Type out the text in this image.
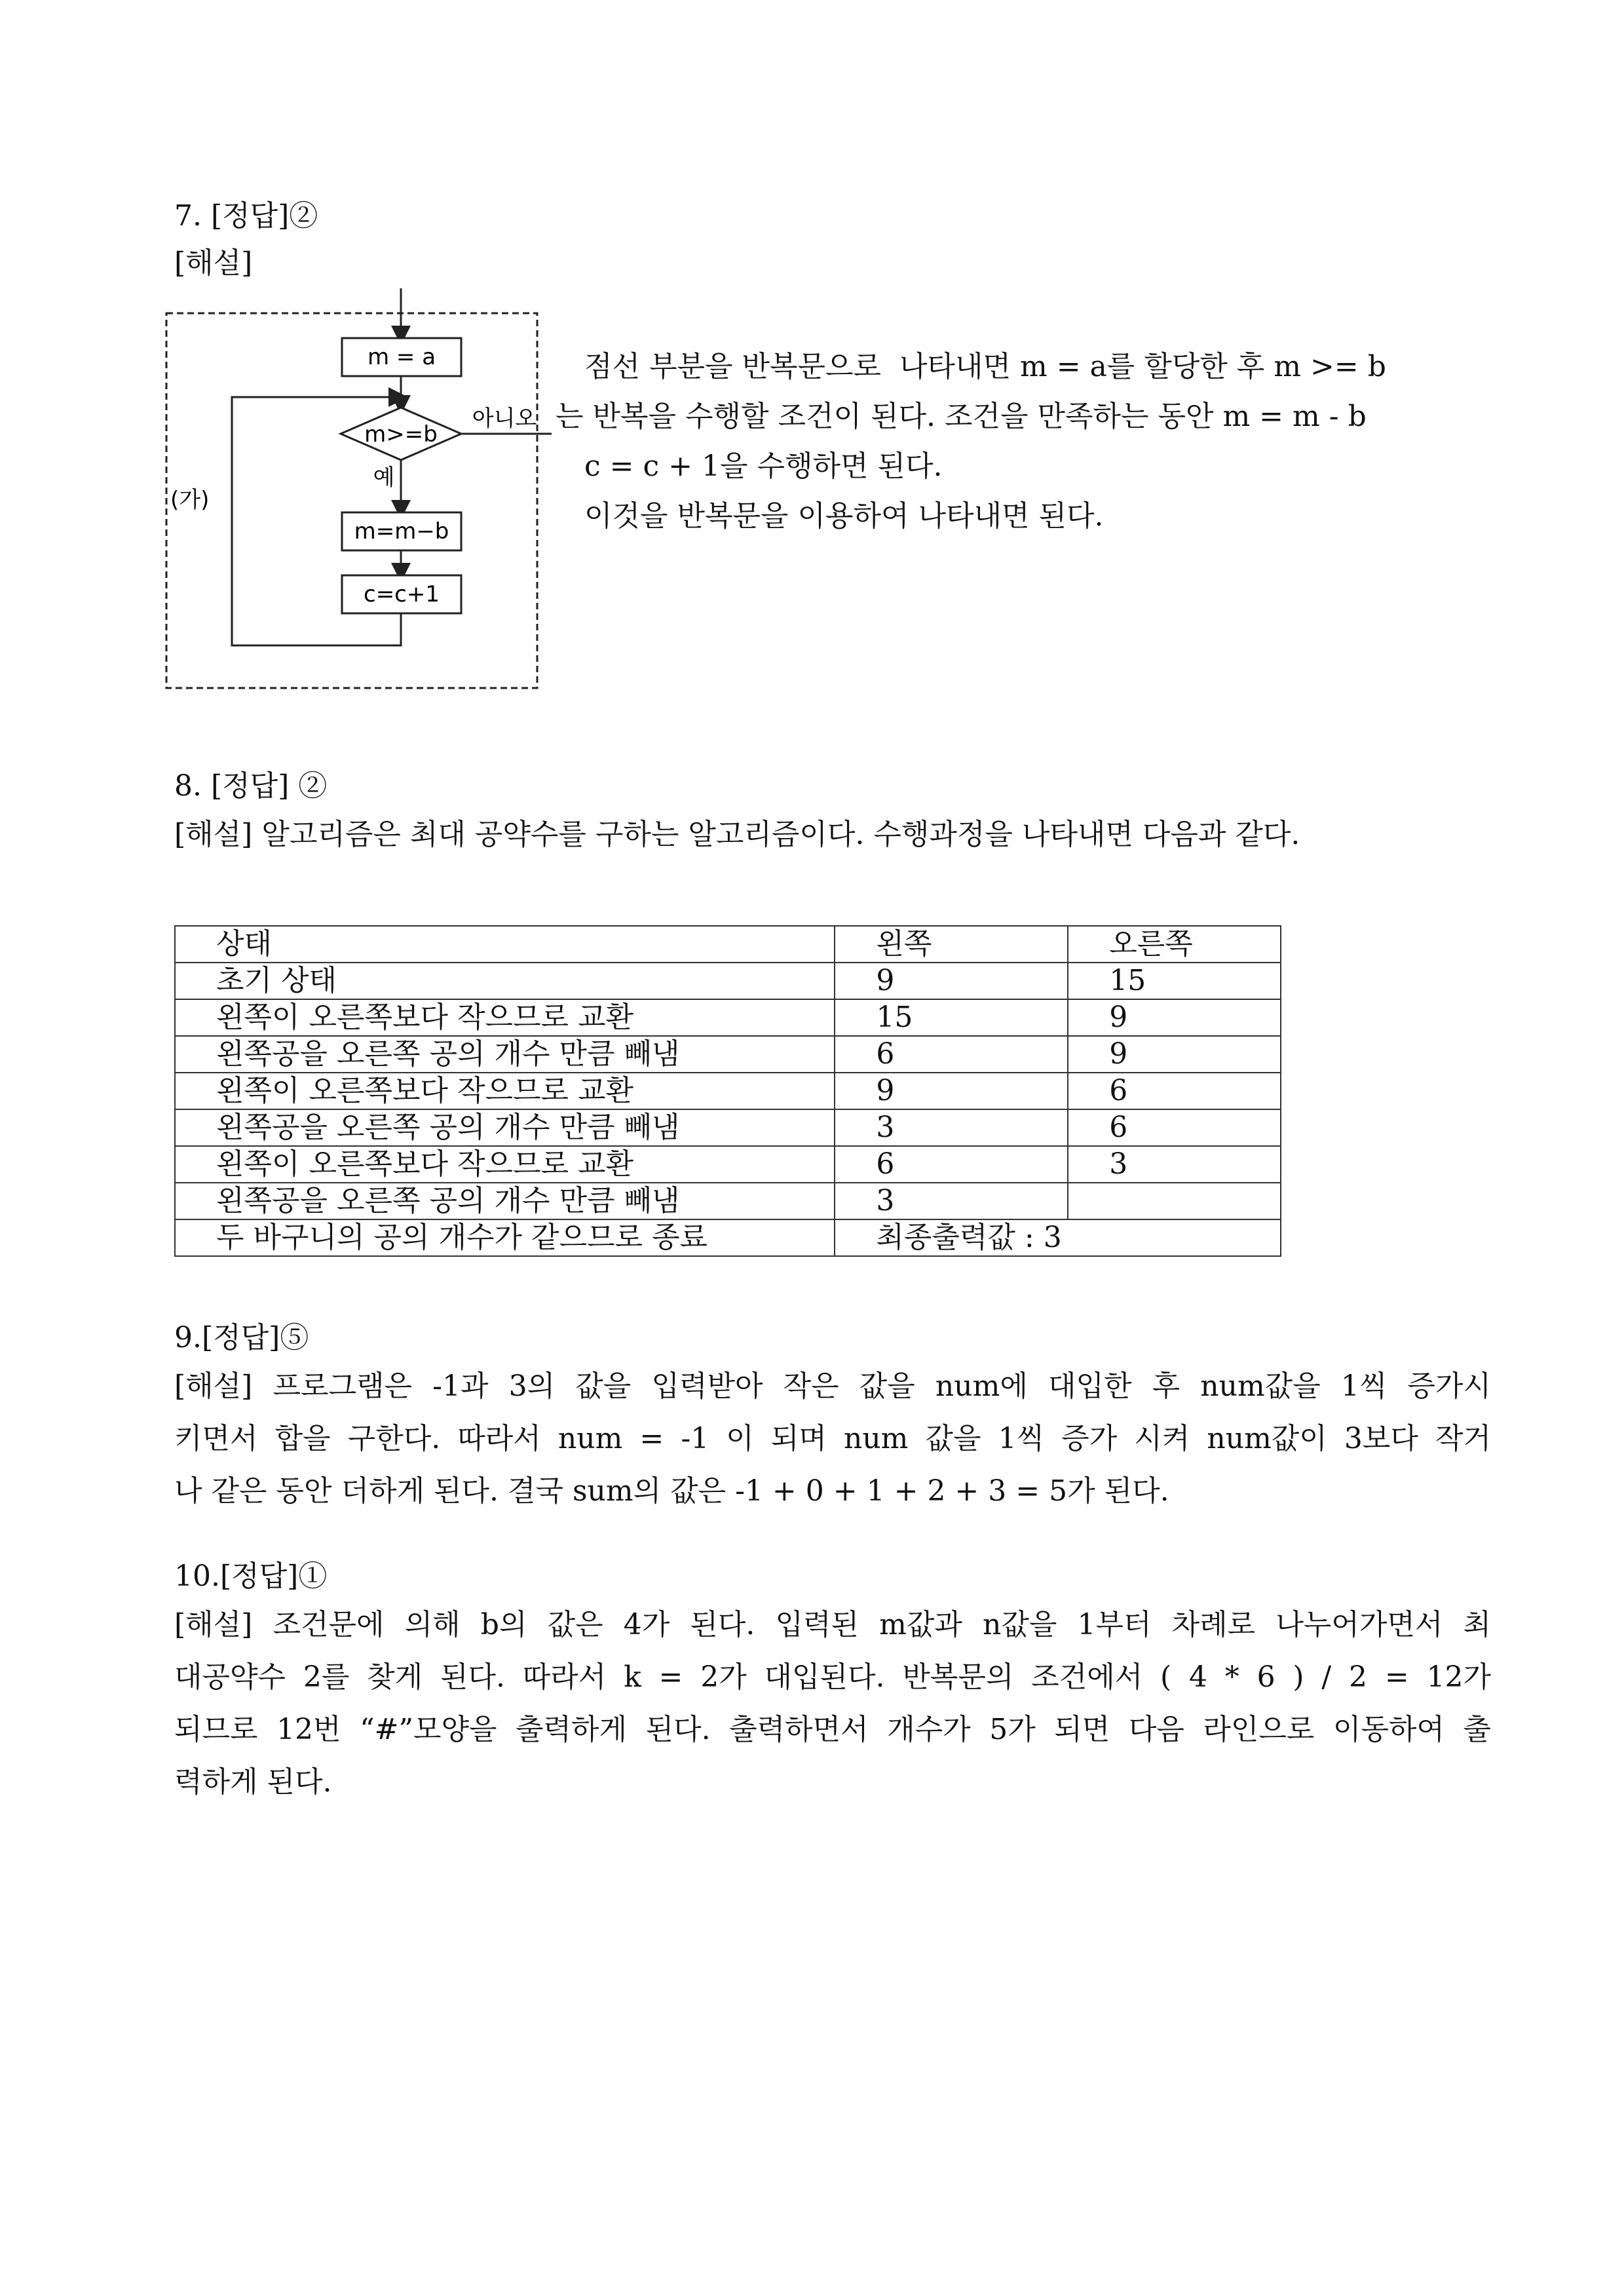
7. [정답]②
[해설]
m = a
m>=b
아니오
예
m=m−b
c=c+1
(가)
점선 부분을 반복문으로  나타내면 m = a를 할당한 후 m >= b
는 반복을 수행할 조건이 된다. 조건을 만족하는 동안 m = m - b
c = c + 1을 수행하면 된다.
이것을 반복문을 이용하여 나타내면 된다.
8. [정답] ②
[해설] 알고리즘은 최대 공약수를 구하는 알고리즘이다. 수행과정을 나타내면 다음과 같다.
상태	왼쪽	오른쪽
초기 상태	9	15
왼쪽이 오른쪽보다 작으므로 교환	15	9
왼쪽공을 오른쪽 공의 개수 만큼 빼냄	6	9
왼쪽이 오른쪽보다 작으므로 교환	9	6
왼쪽공을 오른쪽 공의 개수 만큼 빼냄	3	6
왼쪽이 오른쪽보다 작으므로 교환	6	3
왼쪽공을 오른쪽 공의 개수 만큼 빼냄	3	
두 바구니의 공의 개수가 같으므로 종료	최종출력값 : 3	
9.[정답]⑤
[해설] 프로그램은 -1과 3의 값을 입력받아 작은 값을 num에 대입한 후 num값을 1씩 증가시
키면서 합을 구한다. 따라서 num = -1 이 되며 num 값을 1씩 증가 시켜 num값이 3보다 작거
나 같은 동안 더하게 된다. 결국 sum의 값은 -1 + 0 + 1 + 2 + 3 = 5가 된다.
10.[정답]①
[해설] 조건문에 의해 b의 값은 4가 된다. 입력된 m값과 n값을 1부터 차례로 나누어가면서 최
대공약수 2를 찾게 된다. 따라서 k = 2가 대입된다. 반복문의 조건에서 ( 4 * 6 ) / 2 = 12가
되므로 12번 “#”모양을 출력하게 된다. 출력하면서 개수가 5가 되면 다음 라인으로 이동하여 출
력하게 된다.
